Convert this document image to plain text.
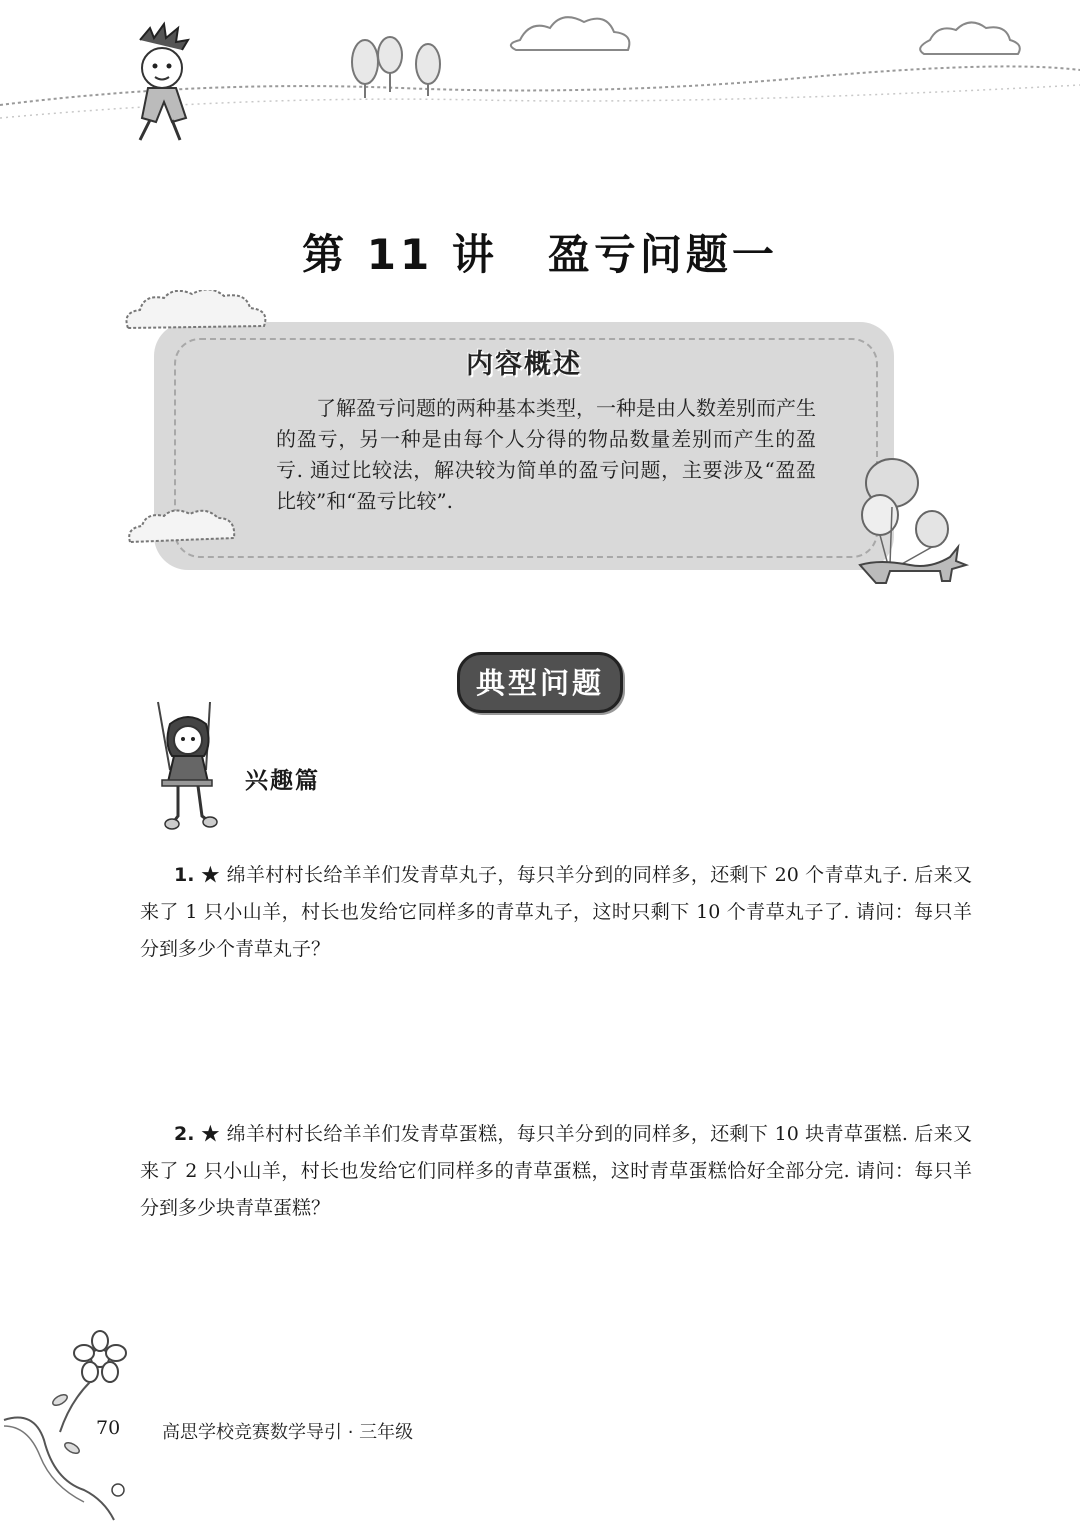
第 11 讲 盈亏问题一
内容概述
了解盈亏问题的两种基本类型，一种是由人数差别而产生的盈亏，另一种是由每个人分得的物品数量差别而产生的盈亏. 通过比较法，解决较为简单的盈亏问题，主要涉及“盈盈比较”和“盈亏比较”.
典型问题
兴趣篇
1. ★ 绵羊村村长给羊羊们发青草丸子，每只羊分到的同样多，还剩下 20 个青草丸子. 后来又来了 1 只小山羊，村长也发给它同样多的青草丸子，这时只剩下 10 个青草丸子了. 请问：每只羊分到多少个青草丸子？
2. ★ 绵羊村村长给羊羊们发青草蛋糕，每只羊分到的同样多，还剩下 10 块青草蛋糕. 后来又来了 2 只小山羊，村长也发给它们同样多的青草蛋糕，这时青草蛋糕恰好全部分完. 请问：每只羊分到多少块青草蛋糕？
70 高思学校竞赛数学导引 · 三年级
